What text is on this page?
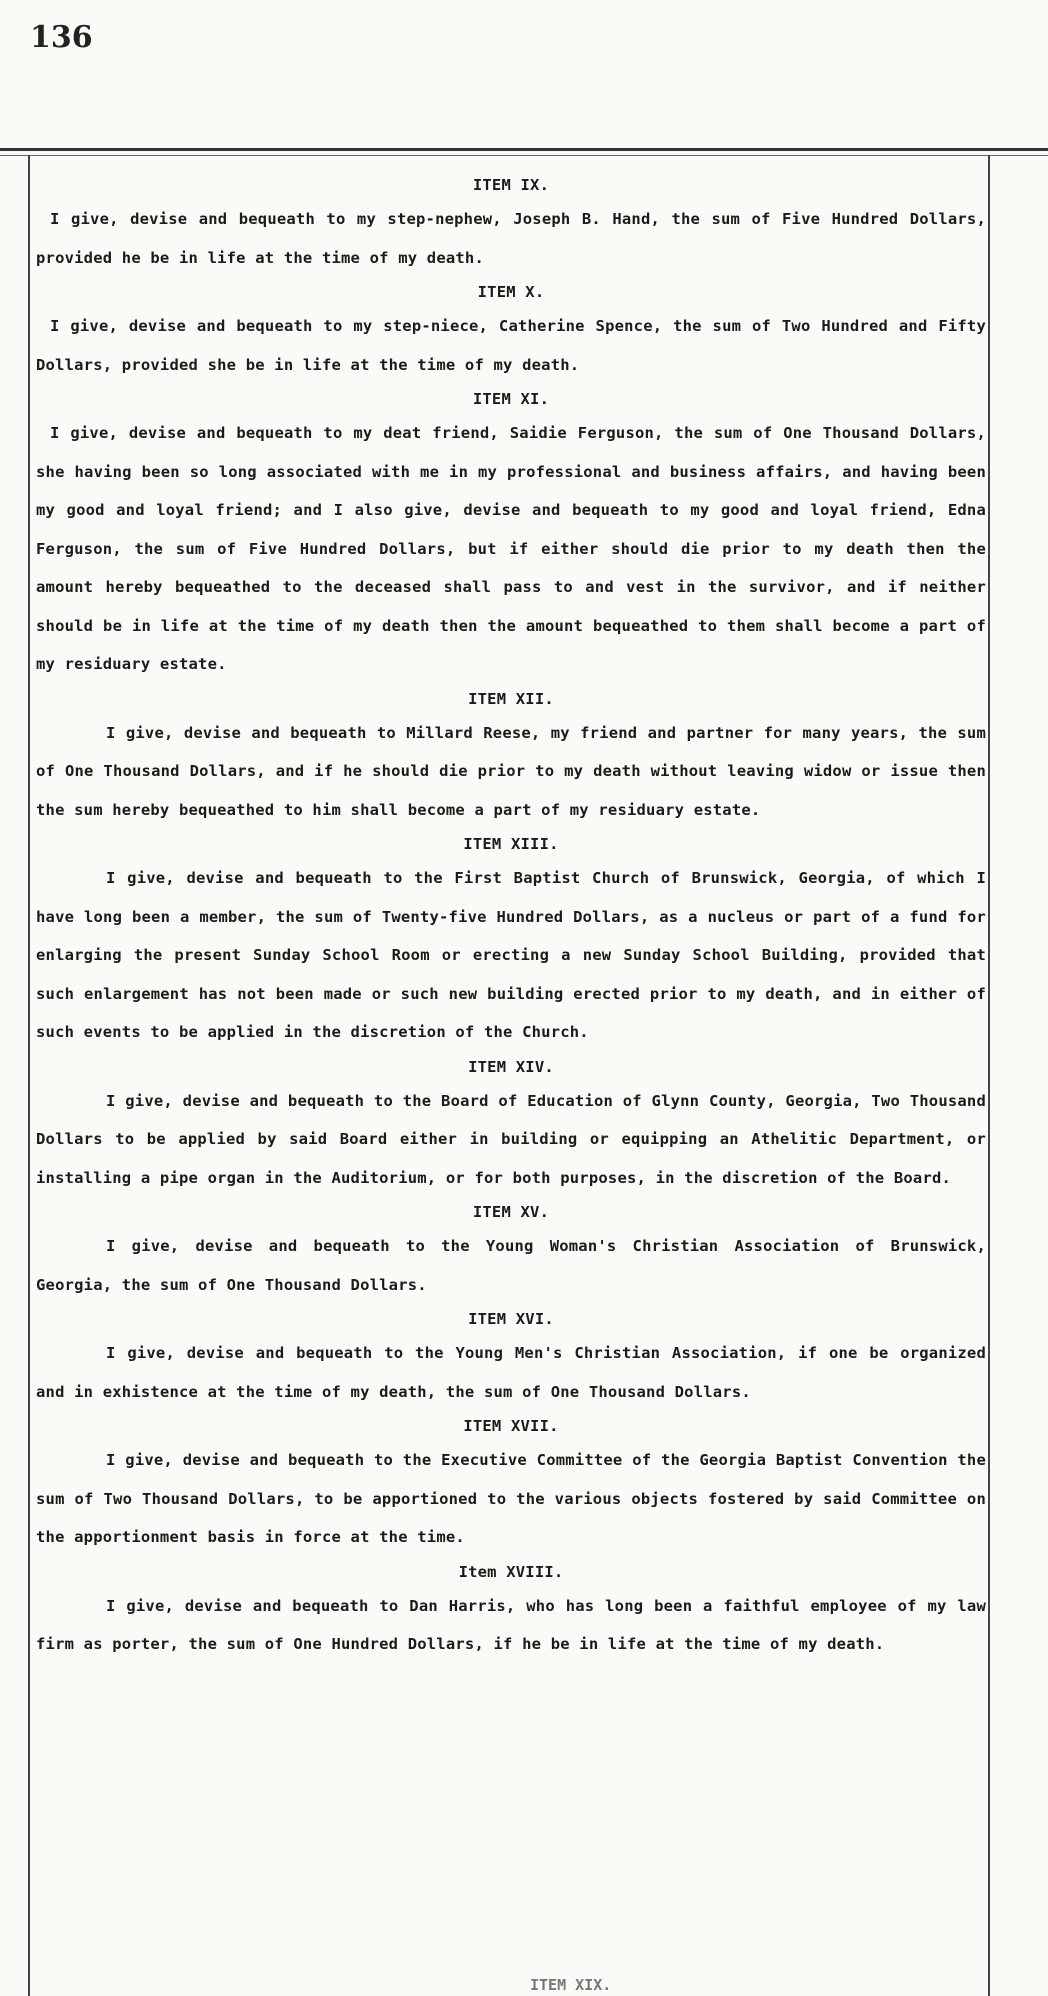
136

ITEM IX.

I give, devise and bequeath to my step-nephew, Joseph B. Hand, the sum of Five Hundred Dollars, provided he be in life at the time of my death.

ITEM X.

I give, devise and bequeath to my step-niece, Catherine Spence, the sum of Two Hundred and Fifty Dollars, provided she be in life at the time of my death.

ITEM XI.

I give, devise and bequeath to my deat friend, Saidie Ferguson, the sum of One Thousand Dollars, she having been so long associated with me in my professional and business affairs, and having been my good and loyal friend; and I also give, devise and bequeath to my good and loyal friend, Edna Ferguson, the sum of Five Hundred Dollars, but if either should die prior to my death then the amount hereby bequeathed to the deceased shall pass to and vest in the survivor, and if neither should be in life at the time of my death then the amount bequeathed to them shall become a part of my residuary estate.

ITEM XII.

I give, devise and bequeath to Millard Reese, my friend and partner for many years, the sum of One Thousand Dollars, and if he should die prior to my death without leaving widow or issue then the sum hereby bequeathed to him shall become a part of my residuary estate.

ITEM XIII.

I give, devise and bequeath to the First Baptist Church of Brunswick, Georgia, of which I have long been a member, the sum of Twenty-five Hundred Dollars, as a nucleus or part of a fund for enlarging the present Sunday School Room or erecting a new Sunday School Building, provided that such enlargement has not been made or such new building erected prior to my death, and in either of such events to be applied in the discretion of the Church.

ITEM XIV.

I give, devise and bequeath to the Board of Education of Glynn County, Georgia, Two Thousand Dollars to be applied by said Board either in building or equipping an Athelitic Department, or installing a pipe organ in the Auditorium, or for both purposes, in the discretion of the Board.

ITEM XV.

I give, devise and bequeath to the Young Woman's Christian Association of Brunswick, Georgia, the sum of One Thousand Dollars.

ITEM XVI.

I give, devise and bequeath to the Young Men's Christian Association, if one be organized and in exhistence at the time of my death, the sum of One Thousand Dollars.

ITEM XVII.

I give, devise and bequeath to the Executive Committee of the Georgia Baptist Convention the sum of Two Thousand Dollars, to be apportioned to the various objects fostered by said Committee on the apportionment basis in force at the time.

Item XVIII.

I give, devise and bequeath to Dan Harris, who has long been a faithful employee of my law firm as porter, the sum of One Hundred Dollars, if he be in life at the time of my death.

ITEM XIX.
